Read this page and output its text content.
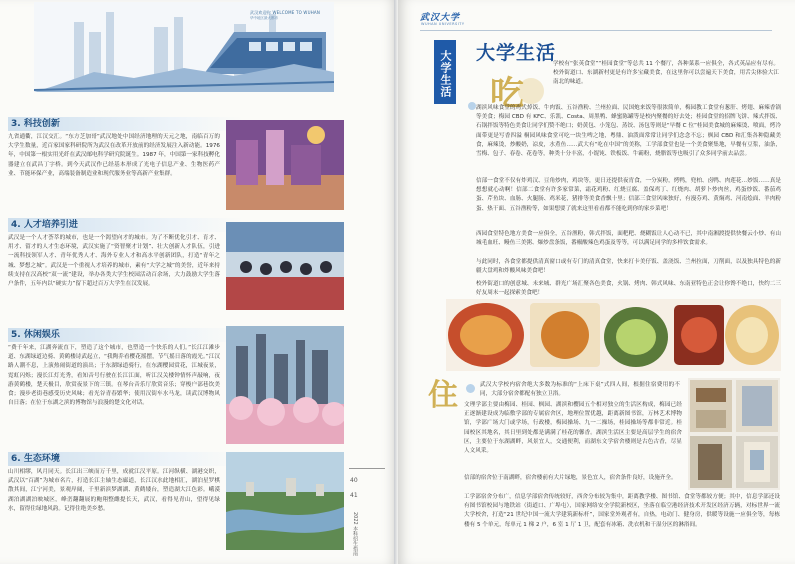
武汉欢迎你 WELCOME TO WUHAN
华中地区最大都市
3. 科技创新
九省通衢，江汉交汇。“东方芝加哥”武汉地处中国经济地理的天元之地，南临百万的大学生数量，近百家国家科研院所为武汉在改革开放前的经济发展注入新动能。1976 年，中国第一根实用光纤在武汉邮电科学研究院诞生。1987 年，中国第一家科技孵化器建立在武昌丁字桥。到今天武汉作已经基本形成了光电子信息产业、生物医药产业、节能环保产业，高端装备制造业和现代服务业等高新产业集群。
4. 人才培养引进
武汉是一个人才荟萃的城市，也是一个渴望向才的城市。为了不断优化引才、育才、用才、留才的人才生态环境，武汉实施了“资智聚才计划”、壮大创新人才队伍，引进一流科技领军人才、青年优秀人才、海外专业人才和高水平创新团队，打造“青年之城、梦想之城”。武汉是一个重视人才培养的城市，素有“大学之城”的美誉，近年来持续支持在汉高校“双一流”建设，举办各类大学生校园活动百余场，大力鼓励大学生落户条件，五年内以“硬实力”留下超过百万大学生在汉发展。
5. 休闲娱乐
“费千年来，江湖奔流直下，塑造了这个城市，也塑造一个快乐的人们。”长江江滩步道、东湖绿道边骑、黄鹤楼诗武起立，“我陶乔看樱花摇摆，节气摇日落的霞光。”江汉路人潮不息，上演热闹街道的演出；于东湖绿道骑行，在东湖樱园赏花，江城夜景，霓虹闪烁；漫长江灯光秀，看知音号行驶在长江江面，听江汉关楼钟情怀声敲响，夜游黄鹤楼，楚天极目，欣赏夜景下的三镇。在琴台音乐厅欣赏音乐；穿梭户部巷饮美食；漫步老街巷感受历史风味；看光谷青春繁华；使用汉街车水马龙，读武汉博物风自日落；在位于东湖之滨的博物馆与浪漫的楚文化对话。
6. 生态环境
山川相缪，风月同天。长江出三峡而万千里，成就江汉平原。江河纵横、湖港交织，武汉以“百湖”为城市名片，打造长江主轴生态廊道，长江汉水此地相汇，湖泊星罗棋散其间，江宁河美，景观岸阔，千里新滨梦湖湖、黄鹤矮台，塑造湖大江色彩。峨漠湖泊湖湖泊映城区，峰峦翻翻展的鲍翔整雌提长天，武汉，看得见青山，望得见绿水，留得住绿地风韵。记得住绝美乡愁。
40
41
2022 本科招生指南
武汉大学
WUHAN UNIVERSITY
大学生活 大学生活
吃
学校有“张英食堂”“桂园食堂”等总共 11 个餐厅，各种菜系一应俱全，各式英品应有尽有。校外街道口、东湖新村更是有许多宝藏美食，在这里你可以尝遍天下美食，用舌尖体验大江南北的味道。
湖滨风味食堂的鸡式焯饭、牛肉饭、五谷渔粉、兰州拉面、民国炮来饭等很浓简单，梅园教工食堂有葱肝、烤翅、麻辣香锅等美食；梅园 CBD 有 KFC、乐凯、Costa、周黑鸭、蜂蜜陈罐等是校内聚餐的好去处；桂园食堂的招牌飞饼、辣式拌饭、石锅拌饭等特色美食让同学们赞不绝口；奶黄包、小笼包、蒸饺、汤包等则是“早餐 C 位”桂园美食城的麻辣烫、喷面，烤冷面带更是写香四溢 桐园风味食堂可吃一块生啤之地，粤鼎、油泼面常常让同学们念念不忘；枫园 CBD 和汇集各种隐藏美食，麻辣烫，炒酸奶，凉皮，水煮鱼……武大有“吃在中国”的美称，工学部食堂也是一个美食聚集地，早餐有豆浆，油条，雪梅、包子、春卷、花卷等，种类十分丰富，小馄饨、铁板饭、牛霸粉，烧腊饭等也吸引了众多同学前去品尝。
信部一食堂不仅有炸鸡汉、豆角炒肉，鸡块等，更日还提供夜宵食，一分炭粉，烤鸭，兜柏、卤鸭、肉莲花…妙饭……真是想想就心动啊！信部二食堂有许多家常菜，霜花鸡粉、红烧豆腐、盖保鸡丁、红烧肉、胡萝卜炒肉丝，鸡蛋炒饭、番茄鸡蛋、芹鱼块、血肠、火腿肠、鸡米花，猪排等美食香飘十里；信部三食堂风味独好，有漫芬鸡、黄焖鸡、河南烩面、羊肉粉蛋、热干面、五谷渔粉等，如果想要了就来这里看看都不能吃到你的家乡菜吧！
西园食堂特色地方美食一应俱全，五谷渔粉，韩式拌饭，面粑粑、烧糊饭让人心动不已，其中南湘渡提供快餐云小炒、有山城毛血旺、鳗鱼三美粥、爆炒盘条饭，番椒酸辣色鸡蛋及等等，可以满足同学的多样饮食需求。
与此同时，各食堂都提供清真窗口或有专门的清真食堂，快来打卡美仔饭、盖浇饭、兰州拉面，刀削面，以及独具特色的新疆大盘鸡和炸酸风味美食吧！
校外街道口的创意城、未来城、群光广场汇聚各色美食，火锅、烤肉、韩式风味、东南亚特色正会让你馋不绝口，快约二三好友周末一起探索美食吧！
住	武汉大学校内宿舍绝大多数为标准的“上床下桌”式四人间，根据住宿费用的不同，大部分宿舍都配有独立卫浴。
文理学部主要由梅园、桂园、枫园、湖滨和樱园五个相对独立的生活区构成，梅园已经正逐渐建设成为临敷学部的专属宿舍区，地理位置优越，距离新图书馆，万林艺术博物馆，学部广场大门或学场，行政楼，梅园操场、九一二操场，桂园操场等都非常近。桂园校区其地名，其日里到处都是满满了桂花的馨香。湖滨生活区主要是高层学生的宿舍区，主要位于东湖湖畔，风景宜人，交通便利，而湖东文学宿舍楼则是古色古香，尽显人文风采。
信部的宿舍位于南湖畔，宿舍楼前有大片绿地，景色宜人，宿舍条件良好，设施齐全。
工学部宿舍分布广，信息学部宿舍传统较好，西舍分布较为集中，距离教学楼、图书馆、食堂等都较方便；其中，信息学部还设有图书馆校园与地铁站（街道口、广埠屯），国家网络安全学院新校区，坐落在临空港经济技术开发区经济万辆，对标世界一流大学校舍，打造“21 世纪中国一流大学建筑新标杆”，国家堂外观者有，自热，电动门、健身房，供暖等设施一应俱全等，每栋楼有 5 个单元，每单元 1 梯 2 户，6 室 1 厅 1 卫，配套有冰箱、洗衣机和干湿分区的淋浴间。
